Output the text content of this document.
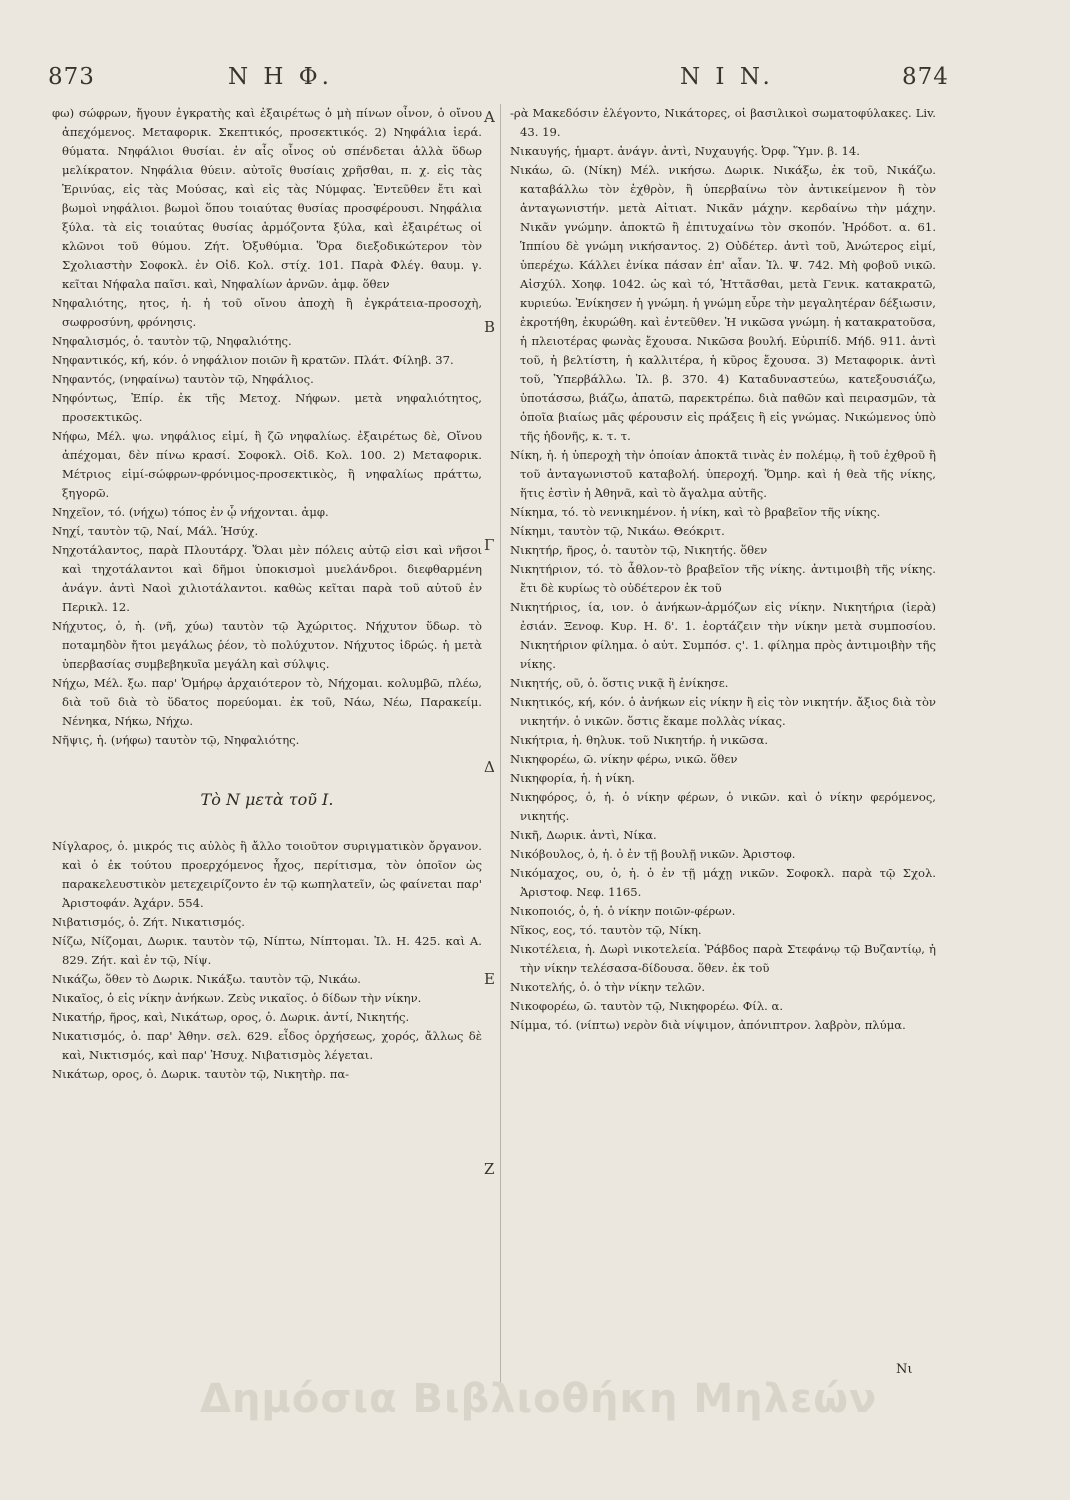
873	N H Φ.	N I N.	874
A
B
Γ
Δ
E
Z

φω) σώφρων, ἤγουν ἐγκρατὴς καὶ ἐξαιρέτως ὁ μὴ πίνων οἶνον, ὁ οἴνου ἀπεχόμενος. Μεταφορικ. Σκεπτικός, προσεκτικός. 2) Νηφάλια ἱερά. θύματα. Νηφάλιοι θυσίαι. ἐν αἷς οἶνος οὐ σπένδεται ἀλλὰ ὕδωρ μελίκρατον. Νηφάλια θύειν. αὐτοῖς θυσίαις χρῆσθαι, π. χ. εἰς τὰς Ἐρινύας, εἰς τὰς Μούσας, καὶ εἰς τὰς Νύμφας. Ἐντεῦθεν ἔτι καὶ βωμοὶ νηφάλιοι. βωμοὶ ὅπου τοιαύτας θυσίας προσφέρουσι. Νηφάλια ξύλα. τὰ εἰς τοιαύτας θυσίας ἁρμόζοντα ξύλα, καὶ ἐξαιρέτως οἱ κλῶνοι τοῦ θύμου. Ζήτ. Ὀξυθύμια. Ὅρα διεξοδικώτερον τὸν Σχολιαστὴν Σοφοκλ. ἐν Οἰδ. Κολ. στίχ. 101. Παρὰ Φλέγ. θαυμ. γ. κεῖται Νήφαλα παῖσι. καὶ, Νηφαλίων ἀρνῶν. ἀμφ. ὅθεν

Νηφαλιότης, ητος, ἡ. ἡ τοῦ οἴνου ἀποχὴ ἢ ἐγκράτεια-προσοχὴ, σωφροσύνη, φρόνησις.

Νηφαλισμός, ὁ. ταυτὸν τῷ, Νηφαλιότης.

Νηφαντικός, κή, κόν. ὁ νηφάλιον ποιῶν ἢ κρατῶν. Πλάτ. Φίληβ. 37.

Νηφαντός, (νηφαίνω) ταυτὸν τῷ, Νηφάλιος.

Νηφόντως, Ἐπίρ. ἐκ τῆς Μετοχ. Νήφων. μετὰ νηφαλιότητος, προσεκτικῶς.

Νήφω, Μέλ. ψω. νηφάλιος εἰμί, ἢ ζῶ νηφαλίως. ἐξαιρέτως δὲ, Οἴνου ἀπέχομαι, δὲν πίνω κρασί. Σοφοκλ. Οἰδ. Κολ. 100. 2) Μεταφορικ. Μέτριος εἰμί-σώφρων-φρόνιμος-προσεκτικὸς, ἢ νηφαλίως πράττω, ξηγορῶ.

Νηχεῖον, τό. (νήχω) τόπος ἐν ᾧ νήχονται. ἀμφ.

Νηχί, ταυτὸν τῷ, Ναί, Μάλ. Ἡσύχ.

Νηχοτάλαντος, παρὰ Πλουτάρχ. Ὅλαι μὲν πόλεις αὐτῷ εἰσι καὶ νῆσοι καὶ τηχοτάλαντοι καὶ δῆμοι ὑποκισμοὶ μυελάνδροι. διεφθαρμένη ἀνάγν. ἀντὶ Ναοὶ χιλιοτάλαντοι. καθὼς κεῖται παρὰ τοῦ αὐτοῦ ἐν Περικλ. 12.

Νήχυτος, ὁ, ἡ. (νῆ, χύω) ταυτὸν τῷ Ἀχώριτος. Νήχυτον ὕδωρ. τὸ ποταμηδὸν ἤτοι μεγάλως ῥέον, τὸ πολύχυτον. Νήχυτος ἱδρώς. ἡ μετὰ ὑπερβασίας συμβεβηκυῖα μεγάλη καὶ σύλψις.

Νήχω, Μέλ. ξω. παρ' Ὁμήρῳ ἀρχαιότερον τὸ, Νήχομαι. κολυμβῶ, πλέω, διὰ τοῦ διὰ τὸ ὕδατος πορεύομαι. ἐκ τοῦ, Νάω, Νέω, Παρακείμ. Νένηκα, Νήκω, Νήχω.

Νῆψις, ἡ. (νήφω) ταυτὸν τῷ, Νηφαλιότης.

Τὸ N μετὰ τοῦ I.

Νίγλαρος, ὁ. μικρός τις αὐλὸς ἢ ἄλλο τοιοῦτον συριγματικὸν ὄργανον. καὶ ὁ ἐκ τούτου προερχόμενος ἦχος, περίτισμα, τὸν ὁποῖον ὡς παρακελευστικὸν μετεχειρίζοντο ἐν τῷ κωπηλατεῖν, ὡς φαίνεται παρ' Ἀριστοφάν. Ἀχάρν. 554.

Νιβατισμός, ὁ. Ζήτ. Νικατισμός.

Νίζω, Νίζομαι, Δωρικ. ταυτὸν τῷ, Νίπτω, Νίπτομαι. Ἰλ. Η. 425. καὶ Α. 829. Ζήτ. καὶ ἐν τῷ, Νίψ.

Νικάζω, ὅθεν τὸ Δωρικ. Νικάξω. ταυτὸν τῷ, Νικάω.

Νικαῖος, ὁ εἰς νίκην ἀνήκων. Ζεὺς νικαῖος. ὁ δίδων τὴν νίκην.

Νικατήρ, ῆρος, καὶ, Νικάτωρ, ορος, ὁ. Δωρικ. ἀντί, Νικητής.

Νικατισμός, ὁ. παρ' Ἀθην. σελ. 629. εἶδος ὀρχήσεως, χορός, ἄλλως δὲ καὶ, Νικτισμός, καὶ παρ' Ἡσυχ. Νιβατισμὸς λέγεται.

Νικάτωρ, ορος, ὁ. Δωρικ. ταυτὸν τῷ, Νικητὴρ. πα-

-ρὰ Μακεδόσιν ἐλέγοντο, Νικάτορες, οἱ βασιλικοὶ σωματοφύλακες. Liv. 43. 19.

Νικαυγής, ἡμαρτ. ἀνάγν. ἀντὶ, Νυχαυγής. Ὀρφ. Ὕμν. β. 14.

Νικάω, ῶ. (Νίκη) Μέλ. νικήσω. Δωρικ. Νικάξω, ἐκ τοῦ, Νικάζω. καταβάλλω τὸν ἐχθρὸν, ἢ ὑπερβαίνω τὸν ἀντικείμενον ἢ τὸν ἀνταγωνιστήν. μετὰ Αἰτιατ. Νικᾶν μάχην. κερδαίνω τὴν μάχην. Νικᾶν γνώμην. ἀποκτῶ ἢ ἐπιτυχαίνω τὸν σκοπόν. Ἡρόδοτ. α. 61. Ἱππίου δὲ γνώμη νικήσαντος. 2) Οὐδέτερ. ἀντὶ τοῦ, Ἀνώτερος εἰμί, ὑπερέχω. Κάλλει ἐνίκα πάσαν ἐπ' αἶαν. Ἰλ. Ψ. 742. Μὴ φοβοῦ νικῶ. Αἰσχύλ. Χοηφ. 1042. ὡς καὶ τό, Ἡττᾶσθαι, μετὰ Γενικ. κατακρατῶ, κυριεύω. Ἐνίκησεν ἡ γνώμη. ἡ γνώμη εὗρε τὴν μεγαλητέραν δέξιωσιν, ἐκροτήθη, ἐκυρώθη. καὶ ἐντεῦθεν. Ἡ νικῶσα γνώμη. ἡ κατακρατοῦσα, ἡ πλειοτέρας φωνὰς ἔχουσα. Νικῶσα βουλή. Εὐριπίδ. Μήδ. 911. ἀντὶ τοῦ, ἡ βελτίστη, ἡ καλλιτέρα, ἡ κῦρος ἔχουσα. 3) Μεταφορικ. ἀντὶ τοῦ, Ὑπερβάλλω. Ἰλ. β. 370. 4) Καταδυναστεύω, κατεξουσιάζω, ὑποτάσσω, βιάζω, ἀπατῶ, παρεκτρέπω. διὰ παθῶν καὶ πειρασμῶν, τὰ ὁποῖα βιαίως μᾶς φέρουσιν εἰς πράξεις ἢ εἰς γνώμας. Νικώμενος ὑπὸ τῆς ἡδονῆς, κ. τ. τ.

Νίκη, ἡ. ἡ ὑπεροχὴ τὴν ὁποίαν ἀποκτᾶ τινὰς ἐν πολέμῳ, ἢ τοῦ ἐχθροῦ ἢ τοῦ ἀνταγωνιστοῦ καταβολή. ὑπεροχή. Ὅμηρ. καὶ ἡ θεὰ τῆς νίκης, ἥτις ἐστὶν ἡ Ἀθηνᾶ, καὶ τὸ ἄγαλμα αὐτῆς.

Νίκημα, τό. τὸ νενικημένον. ἡ νίκη, καὶ τὸ βραβεῖον τῆς νίκης.

Νίκημι, ταυτὸν τῷ, Νικάω. Θεόκριτ.

Νικητήρ, ῆρος, ὁ. ταυτὸν τῷ, Νικητής. ὅθεν

Νικητήριον, τό. τὸ ἆθλον-τὸ βραβεῖον τῆς νίκης. ἀντιμοιβὴ τῆς νίκης. ἔτι δὲ κυρίως τὸ οὐδέτερον ἐκ τοῦ

Νικητήριος, ία, ιον. ὁ ἀνήκων-ἁρμόζων εἰς νίκην. Νικητήρια (ἱερὰ) ἐσιάν. Ξενοφ. Κυρ. Η. δ'. 1. ἑορτάζειν τὴν νίκην μετὰ συμποσίου. Νικητήριον φίλημα. ὁ αὐτ. Συμπόσ. ς'. 1. φίλημα πρὸς ἀντιμοιβὴν τῆς νίκης.

Νικητής, οῦ, ὁ. ὅστις νικᾷ ἢ ἐνίκησε.

Νικητικός, κή, κόν. ὁ ἀνήκων εἰς νίκην ἢ εἰς τὸν νικητήν. ἄξιος διὰ τὸν νικητήν. ὁ νικῶν. ὅστις ἔκαμε πολλὰς νίκας.

Νικήτρια, ἡ. θηλυκ. τοῦ Νικητήρ. ἡ νικῶσα.

Νικηφορέω, ῶ. νίκην φέρω, νικῶ. ὅθεν

Νικηφορία, ἡ. ἡ νίκη.

Νικηφόρος, ὁ, ἡ. ὁ νίκην φέρων, ὁ νικῶν. καὶ ὁ νίκην φερόμενος, νικητής.

Νικῆ, Δωρικ. ἀντὶ, Νίκα.

Νικόβουλος, ὁ, ἡ. ὁ ἐν τῇ βουλῇ νικῶν. Ἀριστοφ.

Νικόμαχος, ου, ὁ, ἡ. ὁ ἐν τῇ μάχῃ νικῶν. Σοφοκλ. παρὰ τῷ Σχολ. Ἀριστοφ. Νεφ. 1165.

Νικοποιός, ὁ, ἡ. ὁ νίκην ποιῶν-φέρων.

Νῖκος, εος, τό. ταυτὸν τῷ, Νίκη.

Νικοτέλεια, ἡ. Δωρὶ νικοτελεία. Ῥάβδος παρὰ Στεφάνῳ τῷ Βυζαντίῳ, ἡ τὴν νίκην τελέσασα-δίδουσα. ὅθεν. ἐκ τοῦ

Νικοτελής, ὁ. ὁ τὴν νίκην τελῶν.

Νικοφορέω, ῶ. ταυτὸν τῷ, Νικηφορέω. Φίλ. α.

Νίμμα, τό. (νίπτω) νερὸν διὰ νίψιμον, ἀπόνιπτρον. λαβρὸν, πλύμα.

Nι
Δημόσια Βιβλιοθήκη Μηλεών
